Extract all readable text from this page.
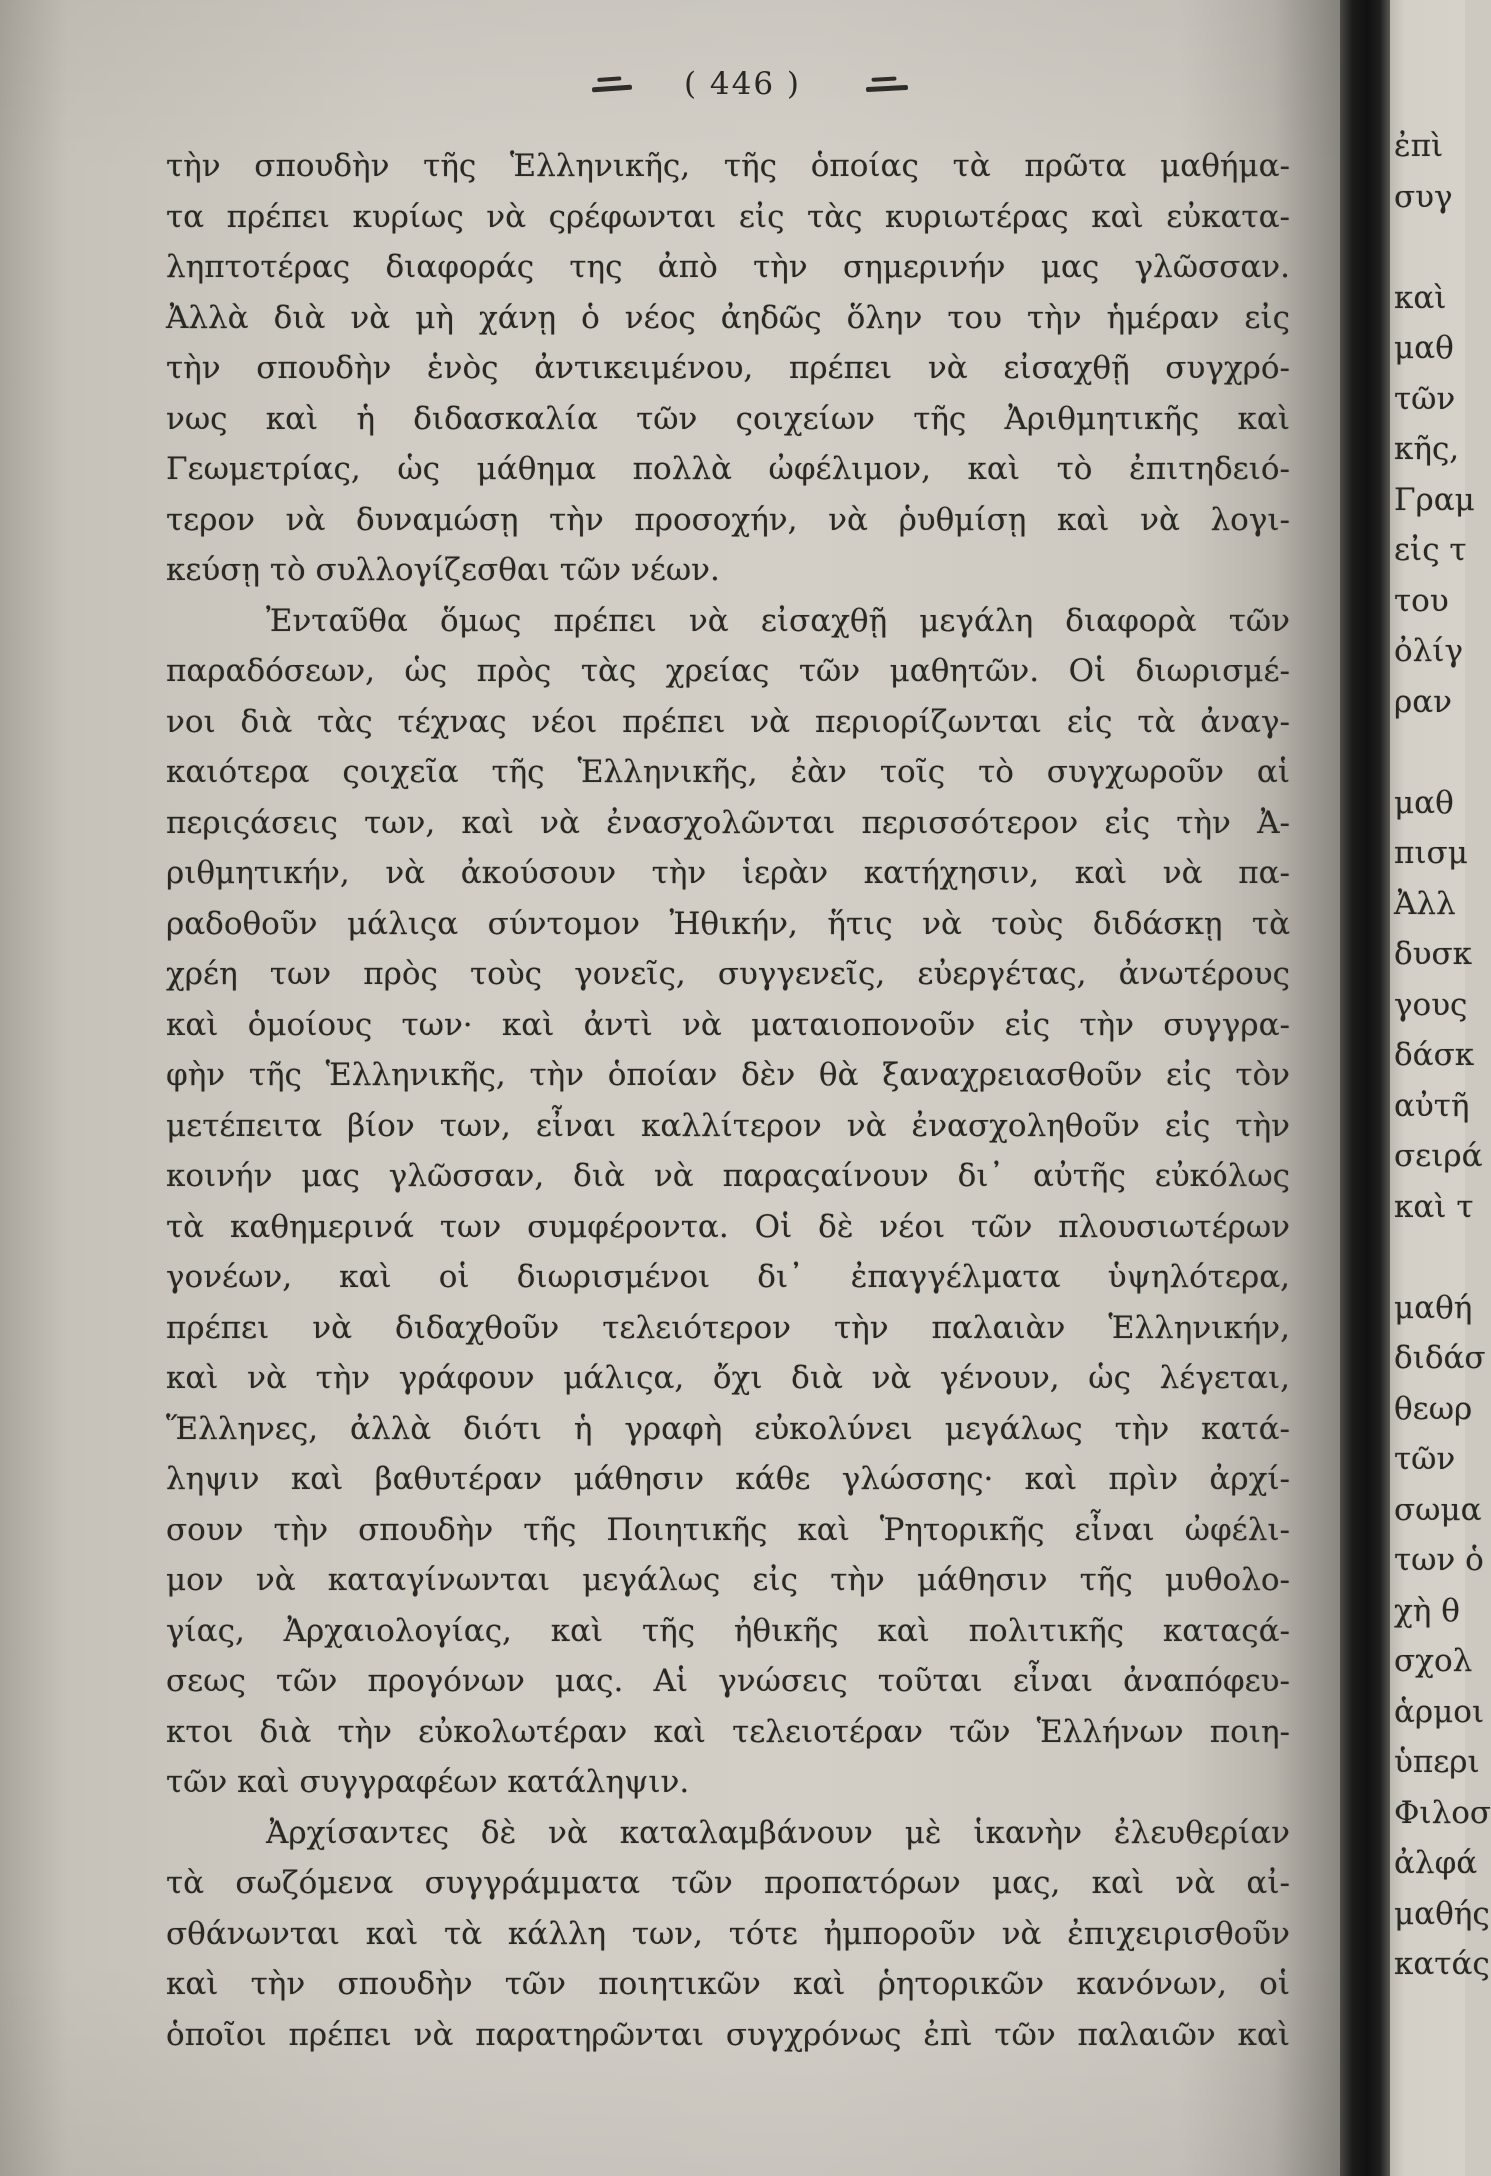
( 446 )
τὴν σπουδὴν τῆς Ἑλληνικῆς, τῆς ὁποίας τὰ πρῶτα μαθήμα-
τα πρέπει κυρίως νὰ ςρέφωνται εἰς τὰς κυριωτέρας καὶ εὐκατα-
ληπτοτέρας διαφοράς της ἀπὸ τὴν σημερινήν μας γλῶσσαν.
Ἀλλὰ διὰ νὰ μὴ χάνῃ ὁ νέος ἀηδῶς ὅλην του τὴν ἡμέραν εἰς
τὴν σπουδὴν ἑνὸς ἀντικειμένου, πρέπει νὰ εἰσαχθῇ συγχρό-
νως καὶ ἡ διδασκαλία τῶν ςοιχείων τῆς Ἀριθμητικῆς καὶ
Γεωμετρίας, ὡς μάθημα πολλὰ ὠφέλιμον, καὶ τὸ ἐπιτηδειό-
τερον νὰ δυναμώσῃ τὴν προσοχήν, νὰ ῥυθμίσῃ καὶ νὰ λογι-
κεύσῃ τὸ συλλογίζεσθαι τῶν νέων.
Ἐνταῦθα ὅμως πρέπει νὰ εἰσαχθῇ μεγάλη διαφορὰ τῶν
παραδόσεων, ὡς πρὸς τὰς χρείας τῶν μαθητῶν. Οἱ διωρισμέ-
νοι διὰ τὰς τέχνας νέοι πρέπει νὰ περιορίζωνται εἰς τὰ ἀναγ-
καιότερα ςοιχεῖα τῆς Ἑλληνικῆς, ἐὰν τοῖς τὸ συγχωροῦν αἱ
περιςάσεις των, καὶ νὰ ἐνασχολῶνται περισσότερον εἰς τὴν Ἀ-
ριθμητικήν, νὰ ἀκούσουν τὴν ἱερὰν κατήχησιν, καὶ νὰ πα-
ραδοθοῦν μάλιςα σύντομον Ἠθικήν, ἥτις νὰ τοὺς διδάσκῃ τὰ
χρέη των πρὸς τοὺς γονεῖς, συγγενεῖς, εὐεργέτας, ἀνωτέρους
καὶ ὁμοίους των· καὶ ἀντὶ νὰ ματαιοπονοῦν εἰς τὴν συγγρα-
φὴν τῆς Ἑλληνικῆς, τὴν ὁποίαν δὲν θὰ ξαναχρειασθοῦν εἰς τὸν
μετέπειτα βίον των, εἶναι καλλίτερον νὰ ἐνασχοληθοῦν εἰς τὴν
κοινήν μας γλῶσσαν, διὰ νὰ παραςαίνουν δι᾽ αὐτῆς εὐκόλως
τὰ καθημερινά των συμφέροντα. Οἱ δὲ νέοι τῶν πλουσιωτέρων
γονέων, καὶ οἱ διωρισμένοι δι᾽ ἐπαγγέλματα ὑψηλότερα,
πρέπει νὰ διδαχθοῦν τελειότερον τὴν παλαιὰν Ἑλληνικήν,
καὶ νὰ τὴν γράφουν μάλιςα, ὄχι διὰ νὰ γένουν, ὡς λέγεται,
Ἕλληνες, ἀλλὰ διότι ἡ γραφὴ εὐκολύνει μεγάλως τὴν κατά-
ληψιν καὶ βαθυτέραν μάθησιν κάθε γλώσσης· καὶ πρὶν ἀρχί-
σουν τὴν σπουδὴν τῆς Ποιητικῆς καὶ Ῥητορικῆς εἶναι ὠφέλι-
μον νὰ καταγίνωνται μεγάλως εἰς τὴν μάθησιν τῆς μυθολο-
γίας, Ἀρχαιολογίας, καὶ τῆς ἠθικῆς καὶ πολιτικῆς καταςά-
σεως τῶν προγόνων μας. Αἱ γνώσεις τοῦται εἶναι ἀναπόφευ-
κτοι διὰ τὴν εὐκολωτέραν καὶ τελειοτέραν τῶν Ἑλλήνων ποιη-
τῶν καὶ συγγραφέων κατάληψιν.
Ἀρχίσαντες δὲ νὰ καταλαμβάνουν μὲ ἱκανὴν ἐλευθερίαν
τὰ σωζόμενα συγγράμματα τῶν προπατόρων μας, καὶ νὰ αἰ-
σθάνωνται καὶ τὰ κάλλη των, τότε ἠμποροῦν νὰ ἐπιχειρισθοῦν
καὶ τὴν σπουδὴν τῶν ποιητικῶν καὶ ῥητορικῶν κανόνων, οἱ
ὁποῖοι πρέπει νὰ παρατηρῶνται συγχρόνως ἐπὶ τῶν παλαιῶν καὶ
ἐπὶ
συγ
καὶ
μαθ
τῶν
κῆς,
Γραμ
εἰς τ
του
ὀλίγ
ραν
μαθ
πισμ
Ἀλλ
δυσκ
γους
δάσκ
αὐτῆ
σειρά
καὶ τ
μαθή
διδάσ
θεωρ
τῶν
σωμα
των ὁ
χὴ θ
σχολ
ἁρμοι
ὑπερι
Φιλοσ
ἀλφά
μαθής
κατάς
